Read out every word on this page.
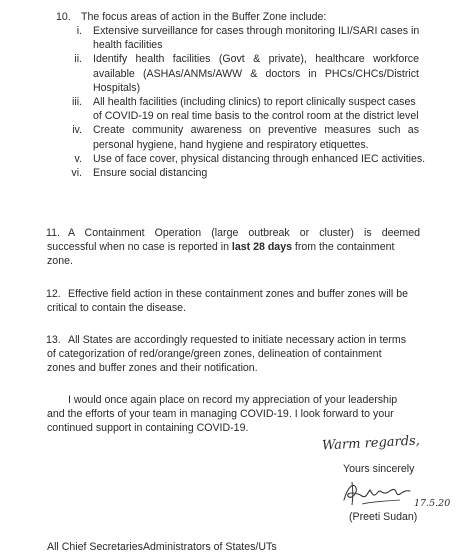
10. The focus areas of action in the Buffer Zone include:
i. Extensive surveillance for cases through monitoring ILI/SARI cases in
health facilities
ii. Identify health facilities (Govt & private), healthcare workforce
available (ASHAs/ANMs/AWW & doctors in PHCs/CHCs/District
Hospitals)
iii. All health facilities (including clinics) to report clinically suspect cases
of COVID-19 on real time basis to the control room at the district level
iv. Create community awareness on preventive measures such as
personal hygiene, hand hygiene and respiratory etiquettes.
v. Use of face cover, physical distancing through enhanced IEC activities.
vi. Ensure social distancing
11. A Containment Operation (large outbreak or cluster) is deemed
successful when no case is reported in last 28 days from the containment
zone.
12. Effective field action in these containment zones and buffer zones will be
critical to contain the disease.
13. All States are accordingly requested to initiate necessary action in terms
of categorization of red/orange/green zones, delineation of containment
zones and buffer zones and their notification.
I would once again place on record my appreciation of your leadership
and the efforts of your team in managing COVID-19. I look forward to your
continued support in containing COVID-19.
Warm regards,
Yours sincerely
17.5.20
(Preeti Sudan)
All Chief SecretariesAdministrators of States/UTs
